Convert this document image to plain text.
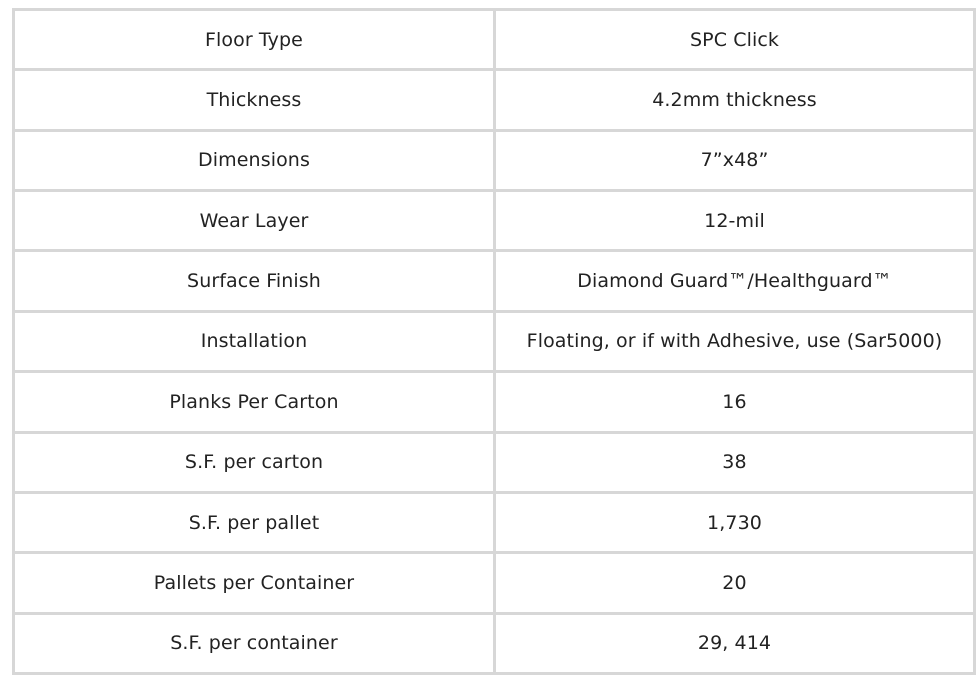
Floor Type	SPC Click
Thickness	4.2mm thickness
Dimensions	7”x48”
Wear Layer	12-mil
Surface Finish	Diamond Guard™/Healthguard™
Installation	Floating, or if with Adhesive, use (Sar5000)
Planks Per Carton	16
S.F. per carton	38
S.F. per pallet	1,730
Pallets per Container	20
S.F. per container	29, 414
